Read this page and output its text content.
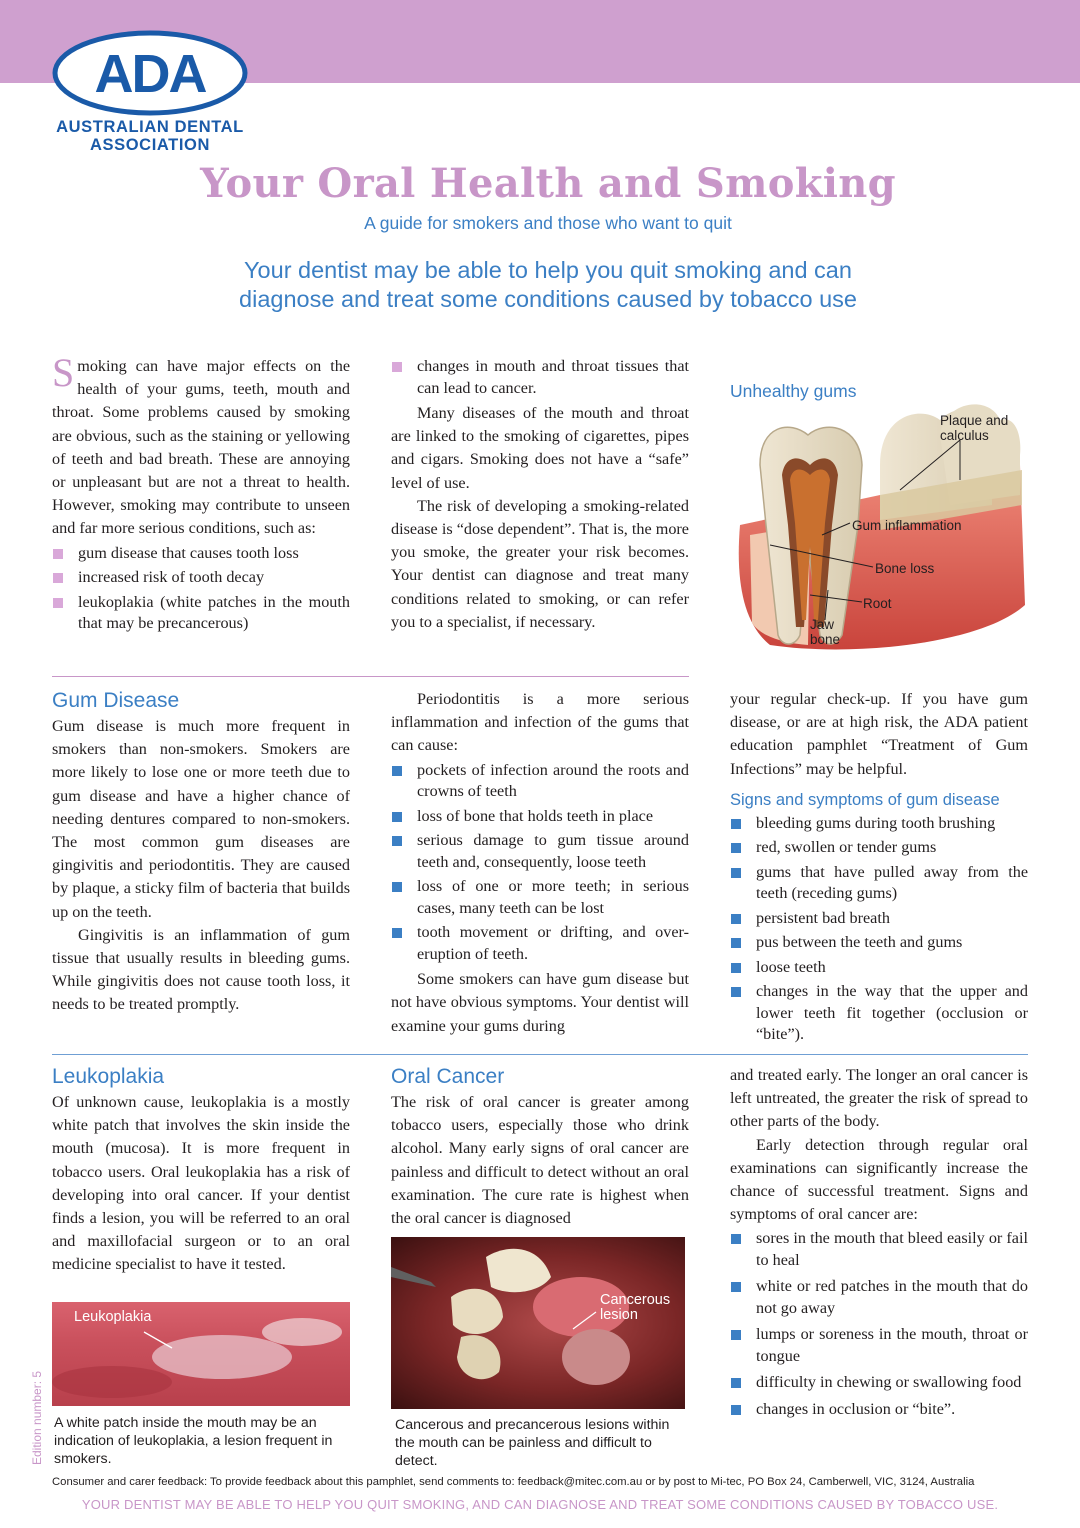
ADA
AUSTRALIAN DENTAL
ASSOCIATION
Your Oral Health and Smoking
A guide for smokers and those who want to quit
Your dentist may be able to help you quit smoking and can
diagnose and treat some conditions caused by tobacco use

Smoking can have major effects on the health of your gums, teeth, mouth and throat. Some problems caused by smoking are obvious, such as the staining or yellowing of teeth and bad breath. These are annoying or unpleasant but are not a threat to health. However, smoking may contribute to unseen and far more serious conditions, such as:

gum disease that causes tooth loss
increased risk of tooth decay
leukoplakia (white patches in the mouth that may be precancerous)
changes in mouth and throat tissues that can lead to cancer.

Many diseases of the mouth and throat are linked to the smoking of cigarettes, pipes and cigars. Smoking does not have a “safe” level of use.

The risk of developing a smoking-related disease is “dose dependent”. That is, the more you smoke, the greater your risk becomes. Your dentist can diagnose and treat many conditions related to smoking, or can refer you to a specialist, if necessary.

Unhealthy gums
Plaque and calculus
Gum inflammation
Bone loss
Root
Jaw bone
Gum Disease

Gum disease is much more frequent in smokers than non-smokers. Smokers are more likely to lose one or more teeth due to gum disease and have a higher chance of needing dentures compared to non-smokers. The most common gum diseases are gingivitis and periodontitis. They are caused by plaque, a sticky film of bacteria that builds up on the teeth.

Gingivitis is an inflammation of gum tissue that usually results in bleeding gums. While gingivitis does not cause tooth loss, it needs to be treated promptly.

Periodontitis is a more serious inflammation and infection of the gums that can cause:

pockets of infection around the roots and crowns of teeth
loss of bone that holds teeth in place
serious damage to gum tissue around teeth and, consequently, loose teeth
loss of one or more teeth; in serious cases, many teeth can be lost
tooth movement or drifting, and over-eruption of teeth.

Some smokers can have gum disease but not have obvious symptoms. Your dentist will examine your gums during

your regular check-up. If you have gum disease, or are at high risk, the ADA patient education pamphlet “Treatment of Gum Infections” may be helpful.

Signs and symptoms of gum disease
bleeding gums during tooth brushing
red, swollen or tender gums
gums that have pulled away from the teeth (receding gums)
persistent bad breath
pus between the teeth and gums
loose teeth
changes in the way that the upper and lower teeth fit together (occlusion or “bite”).
Leukoplakia

Of unknown cause, leukoplakia is a mostly white patch that involves the skin inside the mouth (mucosa). It is more frequent in tobacco users. Oral leukoplakia has a risk of developing into oral cancer. If your dentist finds a lesion, you will be referred to an oral and maxillofacial surgeon or to an oral medicine specialist to have it tested.

Leukoplakia
A white patch inside the mouth may be an indication of leukoplakia, a lesion frequent in smokers.
Oral Cancer

The risk of oral cancer is greater among tobacco users, especially those who drink alcohol. Many early signs of oral cancer are painless and difficult to detect without an oral examination. The cure rate is highest when the oral cancer is diagnosed

Cancerous lesion
Cancerous and precancerous lesions within the mouth can be painless and difficult to detect.

and treated early. The longer an oral cancer is left untreated, the greater the risk of spread to other parts of the body.

Early detection through regular oral examinations can significantly increase the chance of successful treatment. Signs and symptoms of oral cancer are:

sores in the mouth that bleed easily or fail to heal
white or red patches in the mouth that do not go away
lumps or soreness in the mouth, throat or tongue
difficulty in chewing or swallowing food
changes in occlusion or “bite”.
Edition number: 5
Consumer and carer feedback: To provide feedback about this pamphlet, send comments to: feedback@mitec.com.au or by post to Mi-tec, PO Box 24, Camberwell, VIC, 3124, Australia
YOUR DENTIST MAY BE ABLE TO HELP YOU QUIT SMOKING, AND CAN DIAGNOSE AND TREAT SOME CONDITIONS CAUSED BY TOBACCO USE.
